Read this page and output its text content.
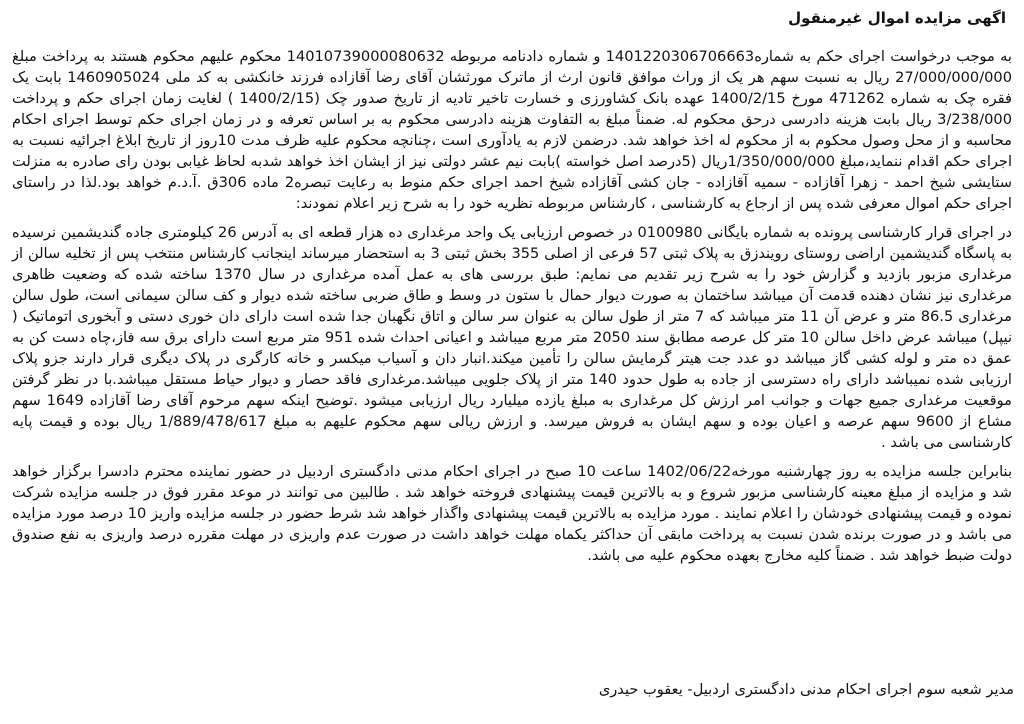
اگهی مزایده اموال غیرمنقول

به موجب درخواست اجرای حکم به شماره1401220306706663 و شماره دادنامه مربوطه 14010739000080632 محکوم علیهم محکوم هستند به پرداخت مبلغ 27/000/000/000 ریال به نسبت سهم هر یک از وراث موافق قانون ارث از ماترک مورثشان آقای رضا آقازاده فرزند خانکشی به کد ملی 1460905024 بابت یک فقره چک به شماره 471262 مورخ 1400/2/15 عهده بانک کشاورزی و خسارت تاخیر تادیه از تاریخ صدور چک (1400/2/15 ) لغایت زمان اجرای حکم و پرداخت 3/238/000 ریال بابت هزینه دادرسی درحق محکوم له. ضمناً مبلغ به التفاوت هزینه دادرسی محکوم به بر اساس تعرفه و در زمان اجرای حکم توسط اجرای احکام محاسبه و از محل وصول محکوم به از محکوم له اخذ خواهد شد. درضمن لازم به یادآوری است ،چنانچه محکوم علیه ظرف مدت 10روز از تاریخ ابلاغ اجرائیه نسبت به اجرای حکم اقدام ننماید،مبلغ 1/350/000/000ریال (5درصد اصل خواسته )بابت نیم عشر دولتی نیز از ایشان اخذ خواهد شدبه لحاظ غیابی بودن رای صادره به منزلت ستایشی شیخ احمد - زهرا آقازاده - سمیه آقازاده - جان کشی آقازاده شیخ احمد اجرای حکم منوط به رعایت تبصره2 ماده 306ق .آ.د.م خواهد بود.لذا در راستای اجرای حکم اموال معرفی شده پس از ارجاع به کارشناسی ، کارشناس مربوطه نظریه خود را به شرح زیر اعلام نمودند:

در اجرای قرار کارشناسی پرونده به شماره بایگانی 0100980 در خصوص ارزیابی یک واحد مرغداری ده هزار قطعه ای به آدرس 26 کیلومتری جاده گندیشمین نرسیده به پاسگاه گندیشمین اراضی روستای رویندزق به پلاک ثبتی 57 فرعی از اصلی 355 بخش ثبتی 3 به استحضار میرساند اینجانب کارشناس منتخب پس از تخلیه سالن از مرغداری مزبور بازدید و گزارش خود را به شرح زیر تقدیم می نمایم: طبق بررسی های به عمل آمده مرغداری در سال 1370 ساخته شده که وضعیت ظاهری مرغداری نیز نشان دهنده قدمت آن میباشد ساختمان به صورت دیوار حمال با ستون در وسط و طاق ضربی ساخته شده دیوار و کف سالن سیمانی است، طول سالن مرغداری 86.5 متر و عرض آن 11 متر میباشد که 7 متر از طول سالن به عنوان سر سالن و اتاق نگهبان جدا شده است دارای دان خوری دستی و آبخوری اتوماتیک ( نیپل) میباشد عرض داخل سالن 10 متر کل عرصه مطابق سند 2050 متر مربع میباشد و اعیانی احداث شده 951 متر مربع است دارای برق سه فاز،چاه دست کن به عمق ده متر و لوله کشی گاز میباشد دو عدد جت هیتر گرمایش سالن را تأمین میکند.انبار دان و آسیاب میکسر و خانه کارگری در پلاک دیگری قرار دارند جزو پلاک ارزیابی شده نمیباشد دارای راه دسترسی از جاده به طول حدود 140 متر از پلاک جلویی میباشد.مرغداری فاقد حصار و دیوار حیاط مستقل میباشد.با در نظر گرفتن موقعیت مرغداری جمیع جهات و جوانب امر ارزش کل مرغداری به مبلغ یازده میلیارد ریال ارزیابی میشود .توضیح اینکه سهم مرحوم آقای رضا آقازاده 1649 سهم مشاع از 9600 سهم عرصه و اعیان بوده و سهم ایشان به فروش میرسد. و ارزش ریالی سهم محکوم علیهم به مبلغ 1/889/478/617 ریال بوده و قیمت پایه کارشناسی می باشد .

بنابراین جلسه مزایده به روز چهارشنبه مورخه1402/06/22 ساعت 10 صبح در اجرای احکام مدنی دادگستری اردبیل در حضور نماینده محترم دادسرا برگزار خواهد شد و مزایده از مبلغ معینه کارشناسی مزبور شروع و به بالاترین قیمت پیشنهادی فروخته خواهد شد . طالبین می توانند در موعد مقرر فوق در جلسه مزایده شرکت نموده و قیمت پیشنهادی خودشان را اعلام نمایند . مورد مزایده به بالاترین قیمت پیشنهادی واگذار خواهد شد شرط حضور در جلسه مزایده واریز 10 درصد مورد مزایده می باشد و در صورت برنده شدن نسبت به پرداخت مابقی آن حداکثر یکماه مهلت خواهد داشت در صورت عدم واریزی در مهلت مقرره درصد واریزی به نفع صندوق دولت ضبط خواهد شد . ضمناً کلیه مخارج بعهده محکوم علیه می باشد.

مدیر شعبه سوم اجرای احکام مدنی دادگستری اردبیل- یعقوب حیدری
